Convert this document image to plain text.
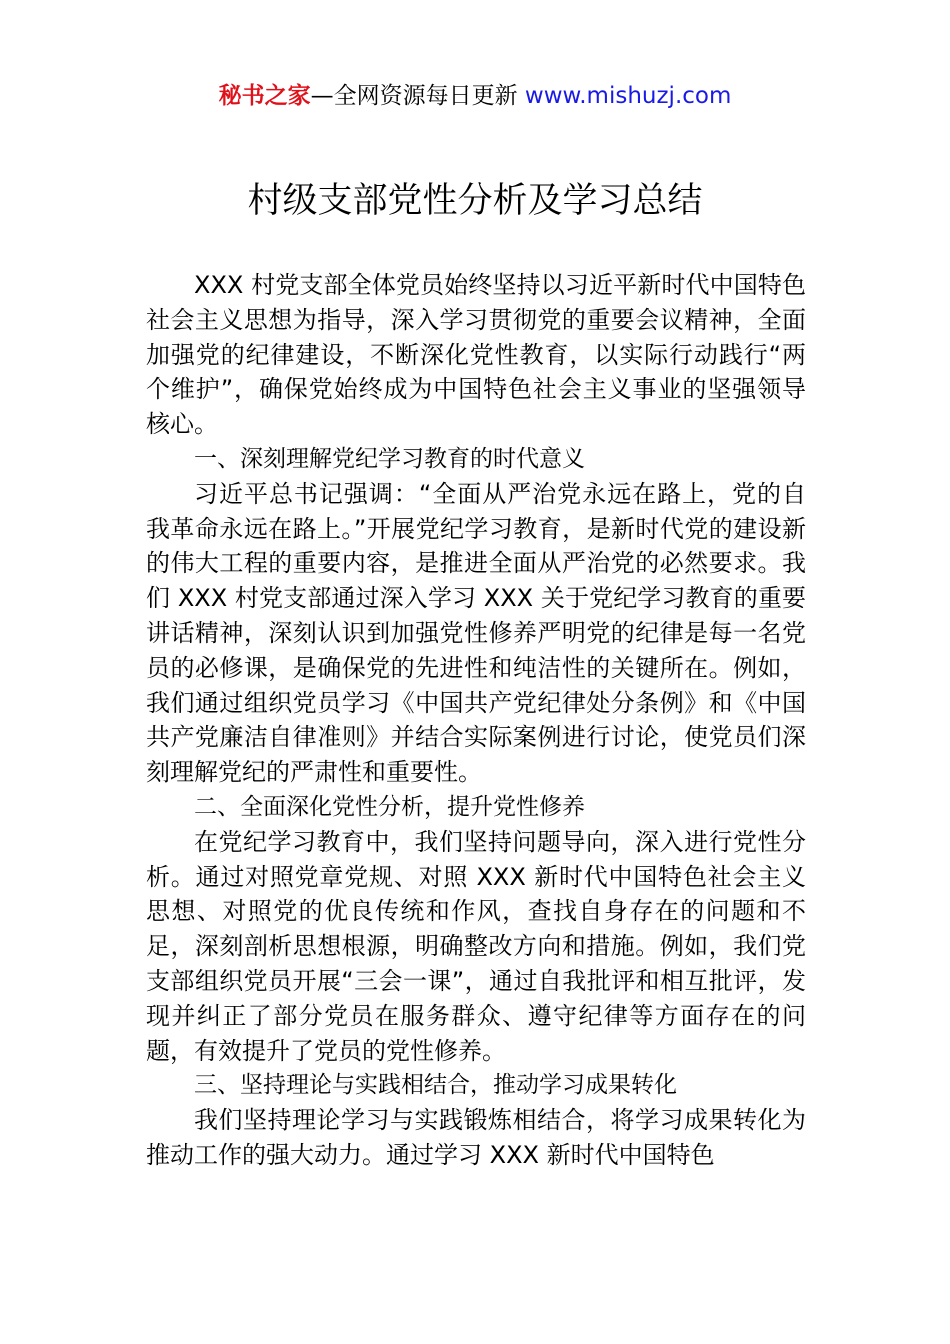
秘书之家—全网资源每日更新 www.mishuzj.com
村级支部党性分析及学习总结

XXX 村党支部全体党员始终坚持以习近平新时代中国特色社会主义思想为指导，深入学习贯彻党的重要会议精神，全面加强党的纪律建设，不断深化党性教育，以实际行动践行“两个维护”，确保党始终成为中国特色社会主义事业的坚强领导核心。

一、深刻理解党纪学习教育的时代意义

习近平总书记强调：“全面从严治党永远在路上，党的自我革命永远在路上。”开展党纪学习教育，是新时代党的建设新的伟大工程的重要内容，是推进全面从严治党的必然要求。我们 XXX 村党支部通过深入学习 XXX 关于党纪学习教育的重要讲话精神，深刻认识到加强党性修养严明党的纪律是每一名党员的必修课，是确保党的先进性和纯洁性的关键所在。例如，我们通过组织党员学习《中国共产党纪律处分条例》和《中国共产党廉洁自律准则》并结合实际案例进行讨论，使党员们深刻理解党纪的严肃性和重要性。

二、全面深化党性分析，提升党性修养

在党纪学习教育中，我们坚持问题导向，深入进行党性分析。通过对照党章党规、对照 XXX 新时代中国特色社会主义思想、对照党的优良传统和作风，查找自身存在的问题和不足，深刻剖析思想根源，明确整改方向和措施。例如，我们党支部组织党员开展“三会一课”，通过自我批评和相互批评，发现并纠正了部分党员在服务群众、遵守纪律等方面存在的问题，有效提升了党员的党性修养。

三、坚持理论与实践相结合，推动学习成果转化

我们坚持理论学习与实践锻炼相结合，将学习成果转化为推动工作的强大动力。通过学习 XXX 新时代中国特色
